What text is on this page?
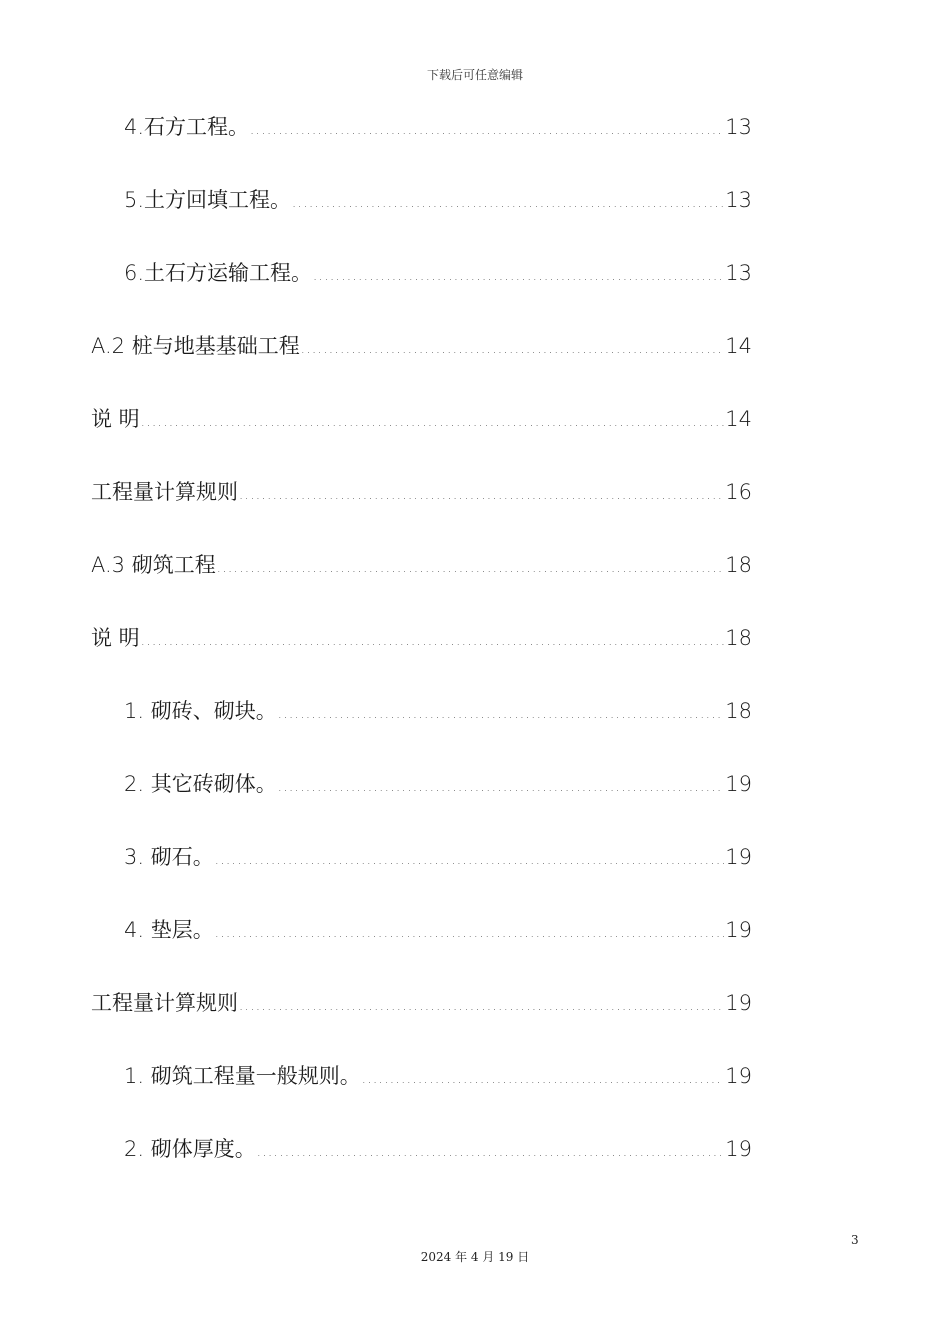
下载后可任意编辑
4.石方工程。 .....	13
5.土方回填工程。 .....	13
6.土石方运输工程。 .....	13
A.2 桩与地基基础工程 .....	14
说 明 .....	14
工程量计算规则 .....	16
A.3 砌筑工程 .....	18
说 明 .....	18
1. 砌砖、砌块。 .....	18
2. 其它砖砌体。 .....	19
3. 砌石。 .....	19
4. 垫层。 .....	19
工程量计算规则 .....	19
1. 砌筑工程量一般规则。 .....	19
2. 砌体厚度。 .....	19
3
2024 年 4 月 19 日
